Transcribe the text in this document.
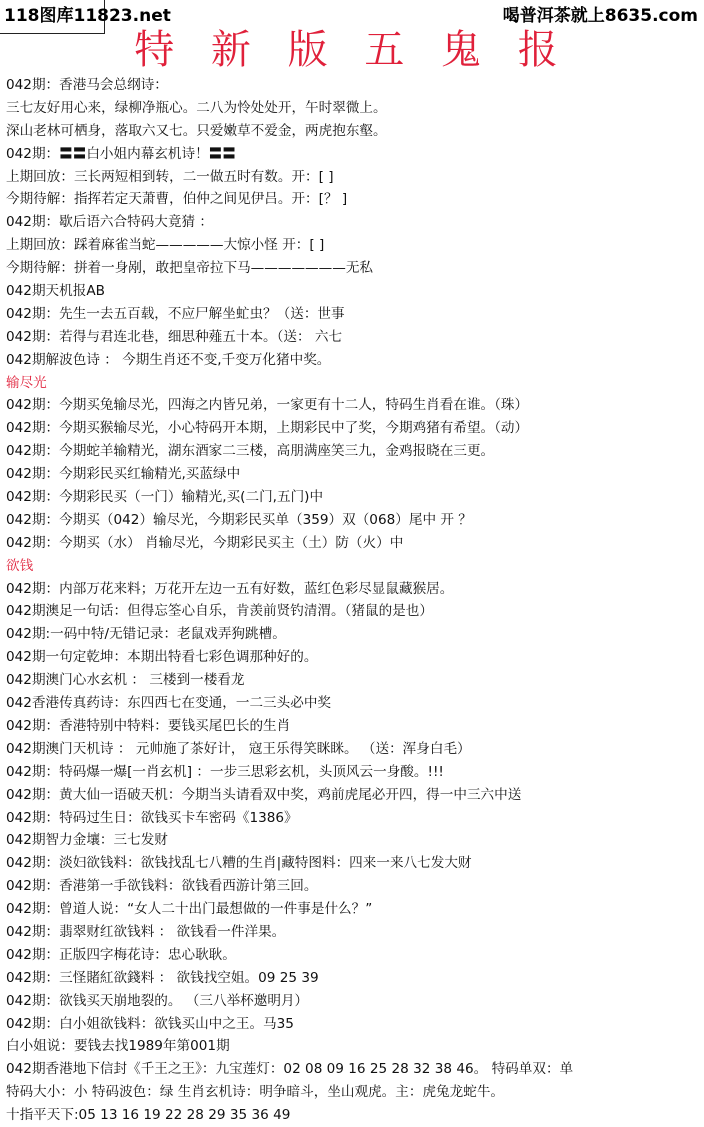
118图库11823.net	喝普洱茶就上8635.com
特 新 版 五 鬼 报
042期：香港马会总纲诗：
三七友好用心来，绿柳净瓶心。二八为怜处处开，午时翠微上。
深山老林可栖身，落取六又七。只爱嫩草不爱金，两虎抱东壑。
042期：〓〓白小姐内幕玄机诗！〓〓
上期回放：三长两短相到转，二一做五时有数。开：[ ]
今期待解：指挥若定天萧曹，伯仲之间见伊吕。开：[？ ]
042期：歇后语六合特码大竟猜 ：
上期回放：踩着麻雀当蛇—————大惊小怪 开：[ ]
今期待解：拼着一身剐，敢把皇帝拉下马———————无私
042期天机报AB
042期：先生一去五百载，不应尸解坐虻虫？（送：世事
042期：若得与君连北巷，细思种薤五十本。（送： 六七
042期解波色诗 ： 今期生肖还不变,千变万化猪中奖。
输尽光
042期：今期买兔输尽光，四海之内皆兄弟，一家更有十二人，特码生肖看在谁。（珠）
042期：今期买猴输尽光，小心特码开本期，上期彩民中了奖，今期鸡猪有希望。（动）
042期：今期蛇羊输精光，湖东酒家二三楼，高朋满座笑三九，金鸡报晓在三更。
042期：今期彩民买红输精光,买蓝绿中
042期：今期彩民买（一门）输精光,买(二门,五门)中
042期：今期买（042）输尽光，今期彩民买单（359）双（068）尾中 开 ？
042期：今期买（水） 肖输尽光，今期彩民买主（土）防（火）中
欲钱
042期：内部万花来料；万花开左边一五有好数，蓝红色彩尽显鼠藏猴居。
042期澳足一句话：但得忘筌心自乐，肯羡前贤钓清渭。（猪鼠的是也）
042期:一码中特/无错记录：老鼠戏弄狗跳槽。
042期一句定乾坤：本期出特看七彩色调那种好的。
042期澳门心水玄机 ： 三楼到一楼看龙
042香港传真药诗：东四西七在变通，一二三头必中奖
042期：香港特别中特料：要钱买尾巴长的生肖
042期澳门天机诗 ： 元帅施了茶好计， 寇王乐得笑眯眯。 （送：浑身白毛）
042期：特码爆一爆[一肖玄机] ：一步三思彩玄机，头顶风云一身酸。!!!
042期：黄大仙一语破天机：今期当头请看双中奖，鸡前虎尾必开四，得一中三六中送
042期：特码过生日：欲钱买卡车密码《1386》
042期智力金壤：三七发财
042期：淡妇欲钱料：欲钱找乱七八糟的生肖|藏特图料：四来一来八七发大财
042期：香港第一手欲钱料：欲钱看西游计第三回。
042期：曾道人说：“女人二十出门最想做的一件事是什么？”
042期：翡翠财红欲钱料 ： 欲钱看一件洋果。
042期：正版四字梅花诗：忠心耿耿。
042期：三怪賭紅欲錢料 ： 欲钱找空姐。09 25 39
042期：欲钱买天崩地裂的。 （三八举杯邀明月）
042期：白小姐欲钱料：欲钱买山中之王。马35
白小姐说：要钱去找1989年第001期
042期香港地下信封《千王之王》：九宝莲灯：02 08 09 16 25 28 32 38 46。 特码单双：单
特码大小：小 特码波色：绿 生肖玄机诗：明争暗斗，坐山观虎。主：虎兔龙蛇牛。
十指平天下:05 13 16 19 22 28 29 35 36 49
